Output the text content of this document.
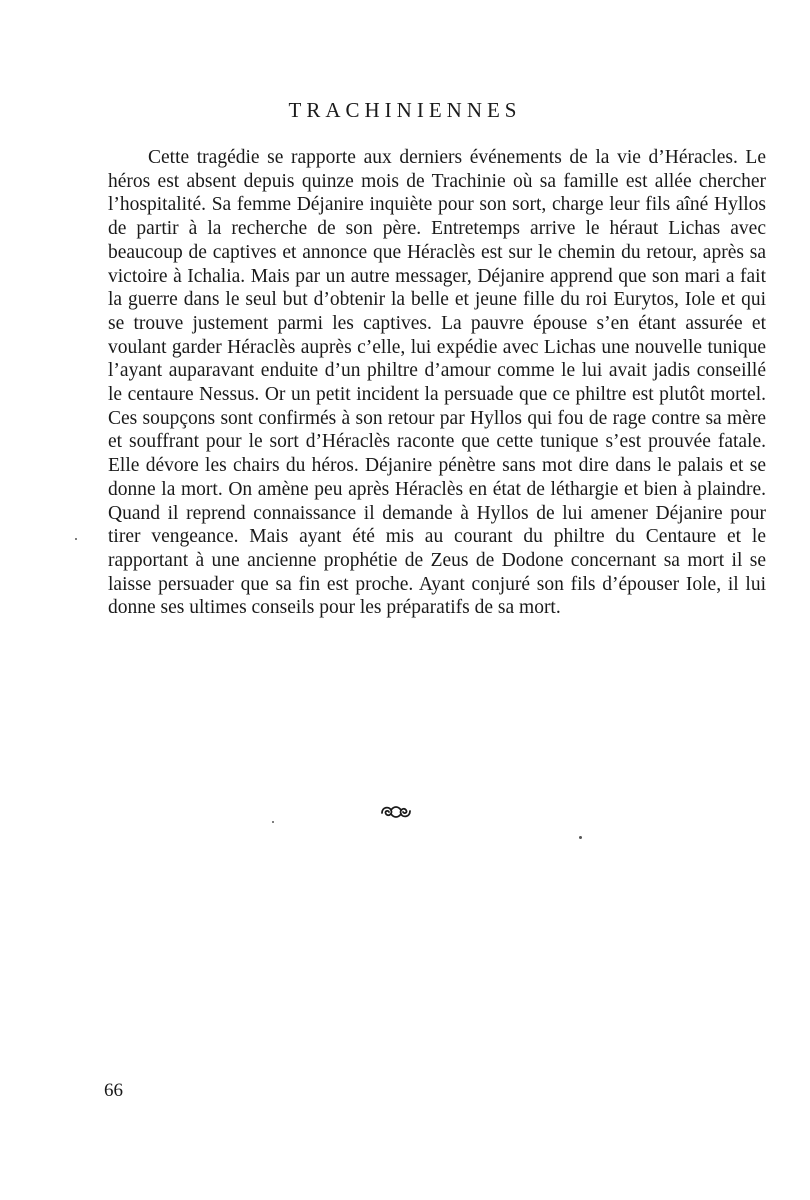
TRACHINIENNES

Cette tragédie se rapporte aux derniers événements de la vie d’Héracles. Le héros est absent depuis quinze mois de Trachinie où sa famille est allée chercher l’hospitalité. Sa femme Déjanire inquiète pour son sort, charge leur fils aîné Hyllos de partir à la recherche de son père. Entretemps arrive le héraut Lichas avec beaucoup de captives et annonce que Héraclès est sur le chemin du retour, après sa victoire à Ichalia. Mais par un autre messager, Déjanire apprend que son mari a fait la guerre dans le seul but d’obtenir la belle et jeune fille du roi Eurytos, Iole et qui se trouve justement parmi les captives. La pauvre épouse s’en étant assurée et voulant garder Héraclès auprès c’elle, lui expédie avec Lichas une nouvelle tunique l’ayant auparavant enduite d’un philtre d’amour comme le lui avait jadis conseillé le centaure Nessus. Or un petit incident la persuade que ce philtre est plutôt mortel. Ces soupçons sont confirmés à son retour par Hyllos qui fou de rage contre sa mère et souffrant pour le sort d’Héraclès raconte que cette tunique s’est prouvée fatale. Elle dévore les chairs du héros. Déjanire pénètre sans mot dire dans le palais et se donne la mort. On amène peu après Héraclès en état de léthargie et bien à plaindre. Quand il reprend connaissance il demande à Hyllos de lui amener Déjanire pour tirer vengeance. Mais ayant été mis au courant du philtre du Centaure et le rapportant à une ancienne prophétie de Zeus de Dodone concernant sa mort il se laisse persuader que sa fin est proche. Ayant conjuré son fils d’épouser Iole, il lui donne ses ultimes conseils pour les préparatifs de sa mort.

66
